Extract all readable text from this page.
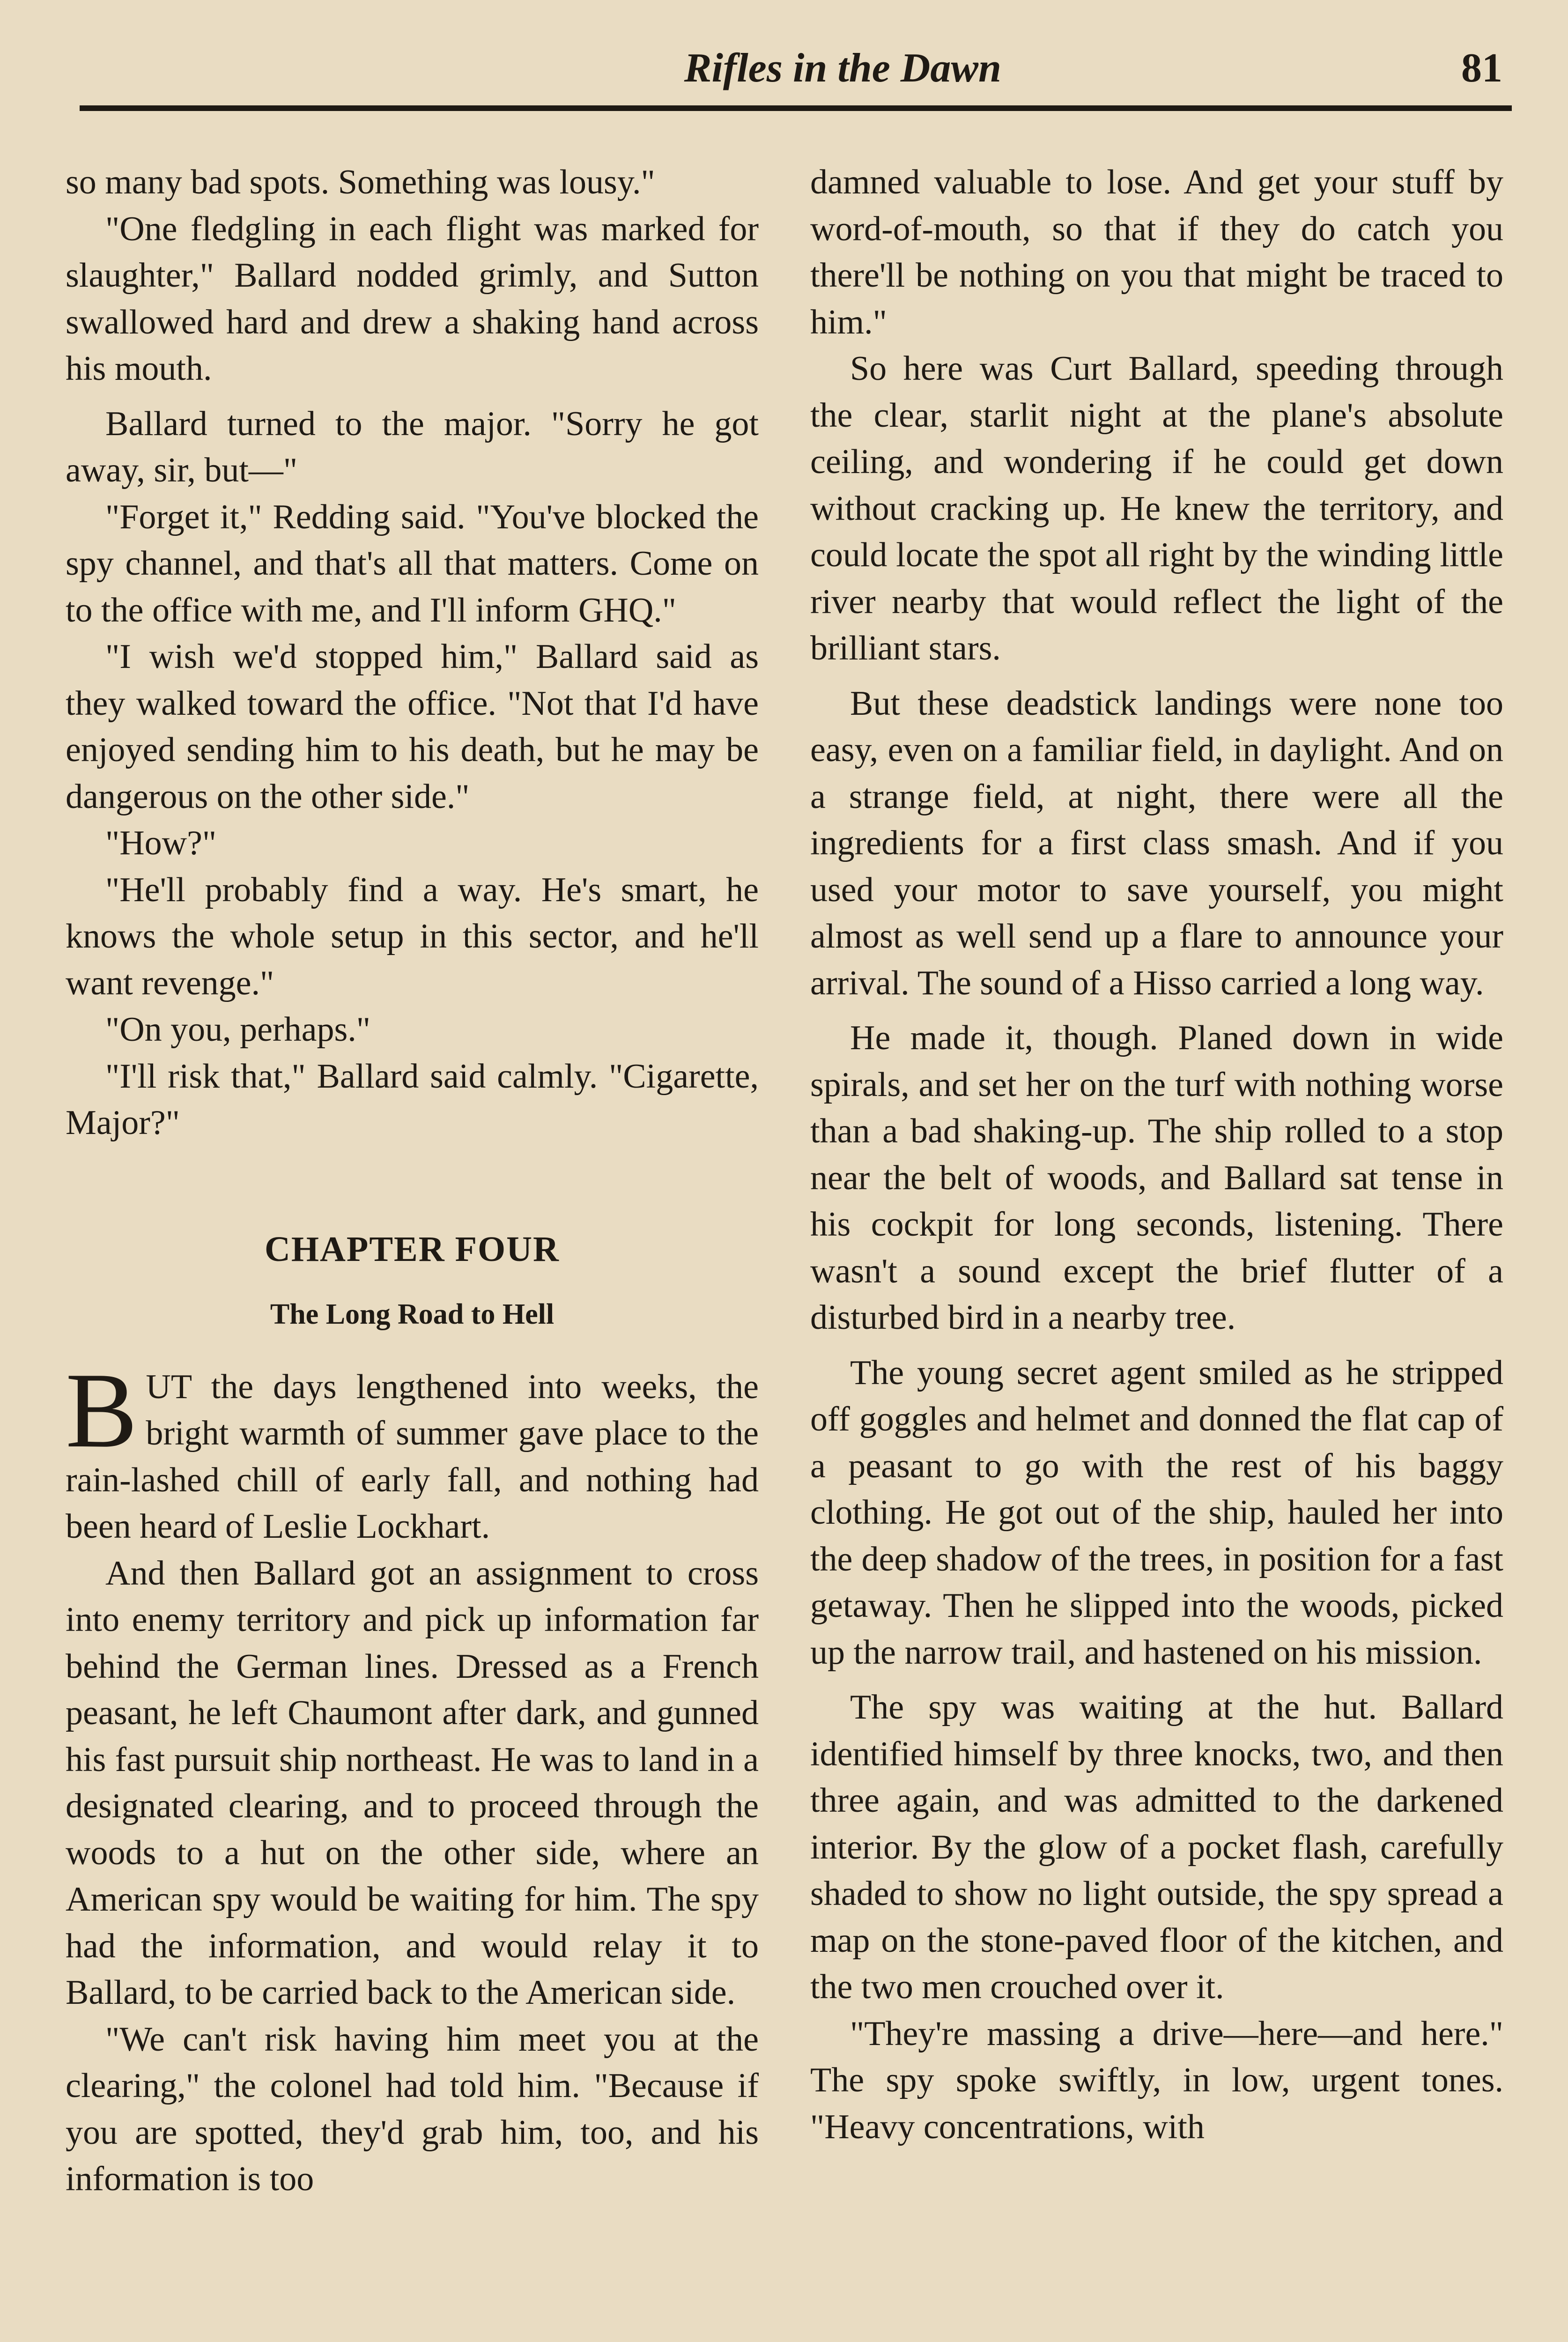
Rifles in the Dawn	81

so many bad spots. Something was lousy."

"One fledgling in each flight was marked for slaughter," Ballard nodded grimly, and Sutton swallowed hard and drew a shaking hand across his mouth.

Ballard turned to the major. "Sorry he got away, sir, but—"

"Forget it," Redding said. "You've blocked the spy channel, and that's all that matters. Come on to the office with me, and I'll inform GHQ."

"I wish we'd stopped him," Ballard said as they walked toward the office. "Not that I'd have enjoyed sending him to his death, but he may be dangerous on the other side."

"How?"

"He'll probably find a way. He's smart, he knows the whole setup in this sector, and he'll want revenge."

"On you, perhaps."

"I'll risk that," Ballard said calmly. "Cigarette, Major?"

CHAPTER FOUR
The Long Road to Hell

BUT the days lengthened into weeks, the bright warmth of summer gave place to the rain-lashed chill of early fall, and nothing had been heard of Leslie Lockhart.

And then Ballard got an assignment to cross into enemy territory and pick up information far behind the German lines. Dressed as a French peasant, he left Chaumont after dark, and gunned his fast pursuit ship northeast. He was to land in a designated clearing, and to proceed through the woods to a hut on the other side, where an American spy would be waiting for him. The spy had the information, and would relay it to Ballard, to be carried back to the American side.

"We can't risk having him meet you at the clearing," the colonel had told him. "Because if you are spotted, they'd grab him, too, and his information is too

damned valuable to lose. And get your stuff by word-of-mouth, so that if they do catch you there'll be nothing on you that might be traced to him."

So here was Curt Ballard, speeding through the clear, starlit night at the plane's absolute ceiling, and wondering if he could get down without cracking up. He knew the territory, and could locate the spot all right by the winding little river nearby that would reflect the light of the brilliant stars.

But these deadstick landings were none too easy, even on a familiar field, in daylight. And on a strange field, at night, there were all the ingredients for a first class smash. And if you used your motor to save yourself, you might almost as well send up a flare to announce your arrival. The sound of a Hisso carried a long way.

He made it, though. Planed down in wide spirals, and set her on the turf with nothing worse than a bad shaking-up. The ship rolled to a stop near the belt of woods, and Ballard sat tense in his cockpit for long seconds, listening. There wasn't a sound except the brief flutter of a disturbed bird in a nearby tree.

The young secret agent smiled as he stripped off goggles and helmet and donned the flat cap of a peasant to go with the rest of his baggy clothing. He got out of the ship, hauled her into the deep shadow of the trees, in position for a fast getaway. Then he slipped into the woods, picked up the narrow trail, and hastened on his mission.

The spy was waiting at the hut. Ballard identified himself by three knocks, two, and then three again, and was admitted to the darkened interior. By the glow of a pocket flash, carefully shaded to show no light outside, the spy spread a map on the stone-paved floor of the kitchen, and the two men crouched over it.

"They're massing a drive—here—and here." The spy spoke swiftly, in low, urgent tones. "Heavy concentrations, with
